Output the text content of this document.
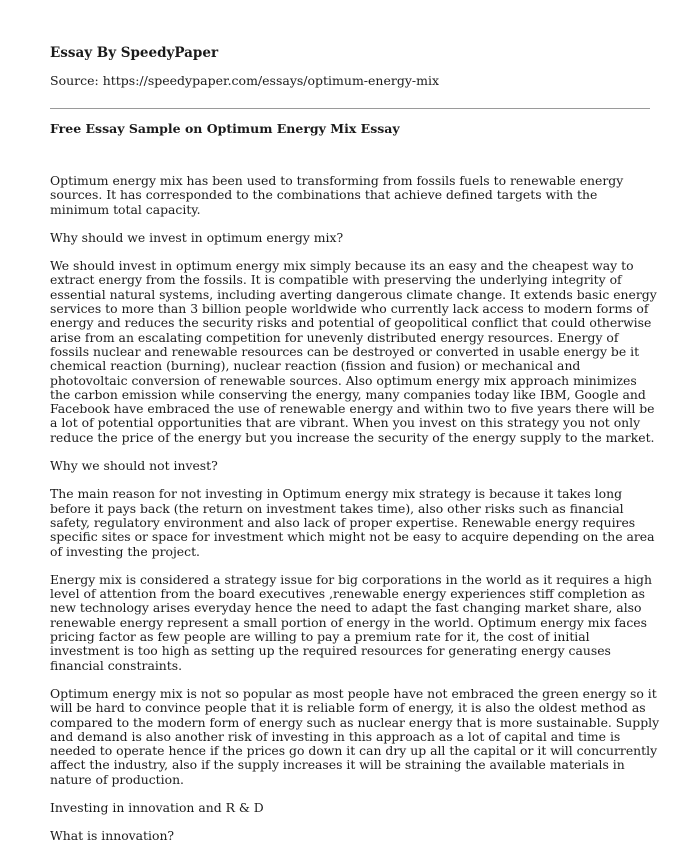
Essay By SpeedyPaper
Source: https://speedypaper.com/essays/optimum-energy-mix
Free Essay Sample on Optimum Energy Mix Essay

Optimum energy mix has been used to transforming from fossils fuels to renewable energy sources. It has corresponded to the combinations that achieve defined targets with the minimum total capacity.

Why should we invest in optimum energy mix?

We should invest in optimum energy mix simply because its an easy and the cheapest way to extract energy from the fossils. It is compatible with preserving the underlying integrity of essential natural systems, including averting dangerous climate change. It extends basic energy services to more than 3 billion people worldwide who currently lack access to modern forms of energy and reduces the security risks and potential of geopolitical conflict that could otherwise arise from an escalating competition for unevenly distributed energy resources. Energy of fossils nuclear and renewable resources can be destroyed or converted in usable energy be it chemical reaction (burning), nuclear reaction (fission and fusion) or mechanical and photovoltaic conversion of renewable sources. Also optimum energy mix approach minimizes the carbon emission while conserving the energy, many companies today like IBM, Google and Facebook have embraced the use of renewable energy and within two to five years there will be a lot of potential opportunities that are vibrant. When you invest on this strategy you not only reduce the price of the energy but you increase the security of the energy supply to the market.

Why we should not invest?

The main reason for not investing in Optimum energy mix strategy is because it takes long before it pays back (the return on investment takes time), also other risks such as financial safety, regulatory environment and also lack of proper expertise. Renewable energy requires specific sites or space for investment which might not be easy to acquire depending on the area of investing the project.

Energy mix is considered a strategy issue for big corporations in the world as it requires a high level of attention from the board executives ,renewable energy experiences stiff completion as new technology arises everyday hence the need to adapt the fast changing market share, also renewable energy represent a small portion of energy in the world. Optimum energy mix faces pricing factor as few people are willing to pay a premium rate for it, the cost of initial investment is too high as setting up the required resources for generating energy causes financial constraints.

Optimum energy mix is not so popular as most people have not embraced the green energy so it will be hard to convince people that it is reliable form of energy, it is also the oldest method as compared to the modern form of energy such as nuclear energy that is more sustainable. Supply and demand is also another risk of investing in this approach as a lot of capital and time is needed to operate hence if the prices go down it can dry up all the capital or it will concurrently affect the industry, also if the supply increases it will be straining the available materials in nature of production.

Investing in innovation and R & D

What is innovation?
